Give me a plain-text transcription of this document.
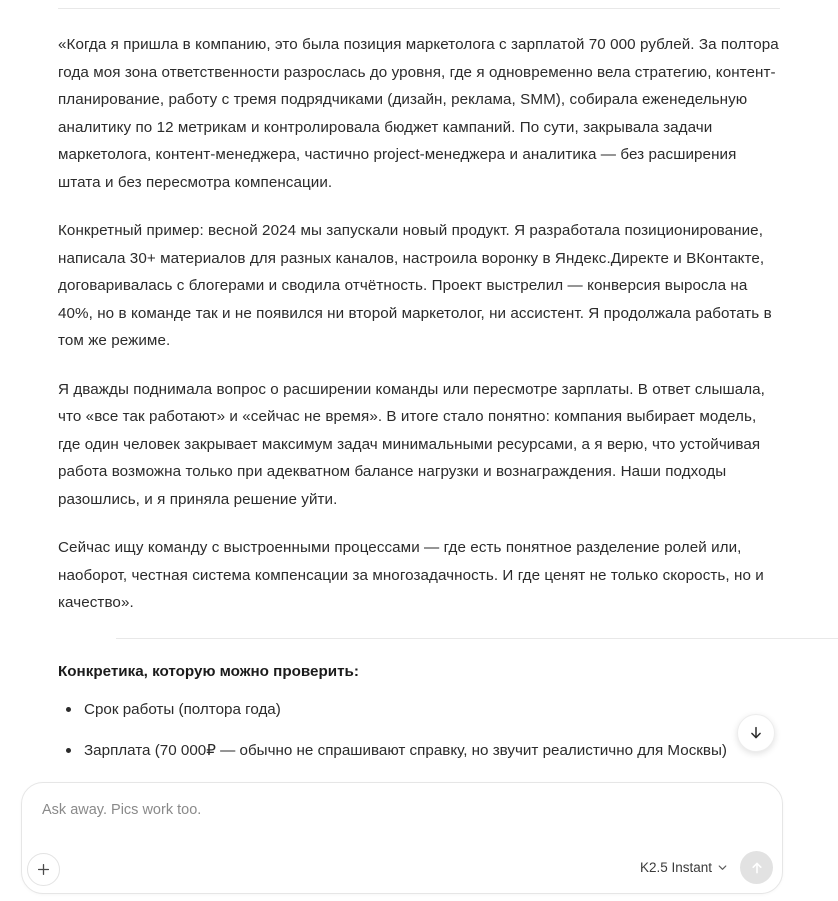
«Когда я пришла в компанию, это была позиция маркетолога с зарплатой 70 000 рублей. За полтора года моя зона ответственности разрослась до уровня, где я одновременно вела стратегию, контент-планирование, работу с тремя подрядчиками (дизайн, реклама, SMM), собирала еженедельную аналитику по 12 метрикам и контролировала бюджет кампаний. По сути, закрывала задачи маркетолога, контент-менеджера, частично project-менеджера и аналитика — без расширения штата и без пересмотра компенсации.

Конкретный пример: весной 2024 мы запускали новый продукт. Я разработала позиционирование, написала 30+ материалов для разных каналов, настроила воронку в Яндекс.Директе и ВКонтакте, договаривалась с блогерами и сводила отчётность. Проект выстрелил — конверсия выросла на 40%, но в команде так и не появился ни второй маркетолог, ни ассистент. Я продолжала работать в том же режиме.

Я дважды поднимала вопрос о расширении команды или пересмотре зарплаты. В ответ слышала, что «все так работают» и «сейчас не время». В итоге стало понятно: компания выбирает модель, где один человек закрывает максимум задач минимальными ресурсами, а я верю, что устойчивая работа возможна только при адекватном балансе нагрузки и вознаграждения. Наши подходы разошлись, и я приняла решение уйти.

Сейчас ищу команду с выстроенными процессами — где есть понятное разделение ролей или, наоборот, честная система компенсации за многозадачность. И где ценят не только скорость, но и качество».

Конкретика, которую можно проверить:
Срок работы (полтора года)
Зарплата (70 000₽ — обычно не спрашивают справку, но звучит реалистично для Москвы)
Ask away. Pics work too.
K2.5 Instant
